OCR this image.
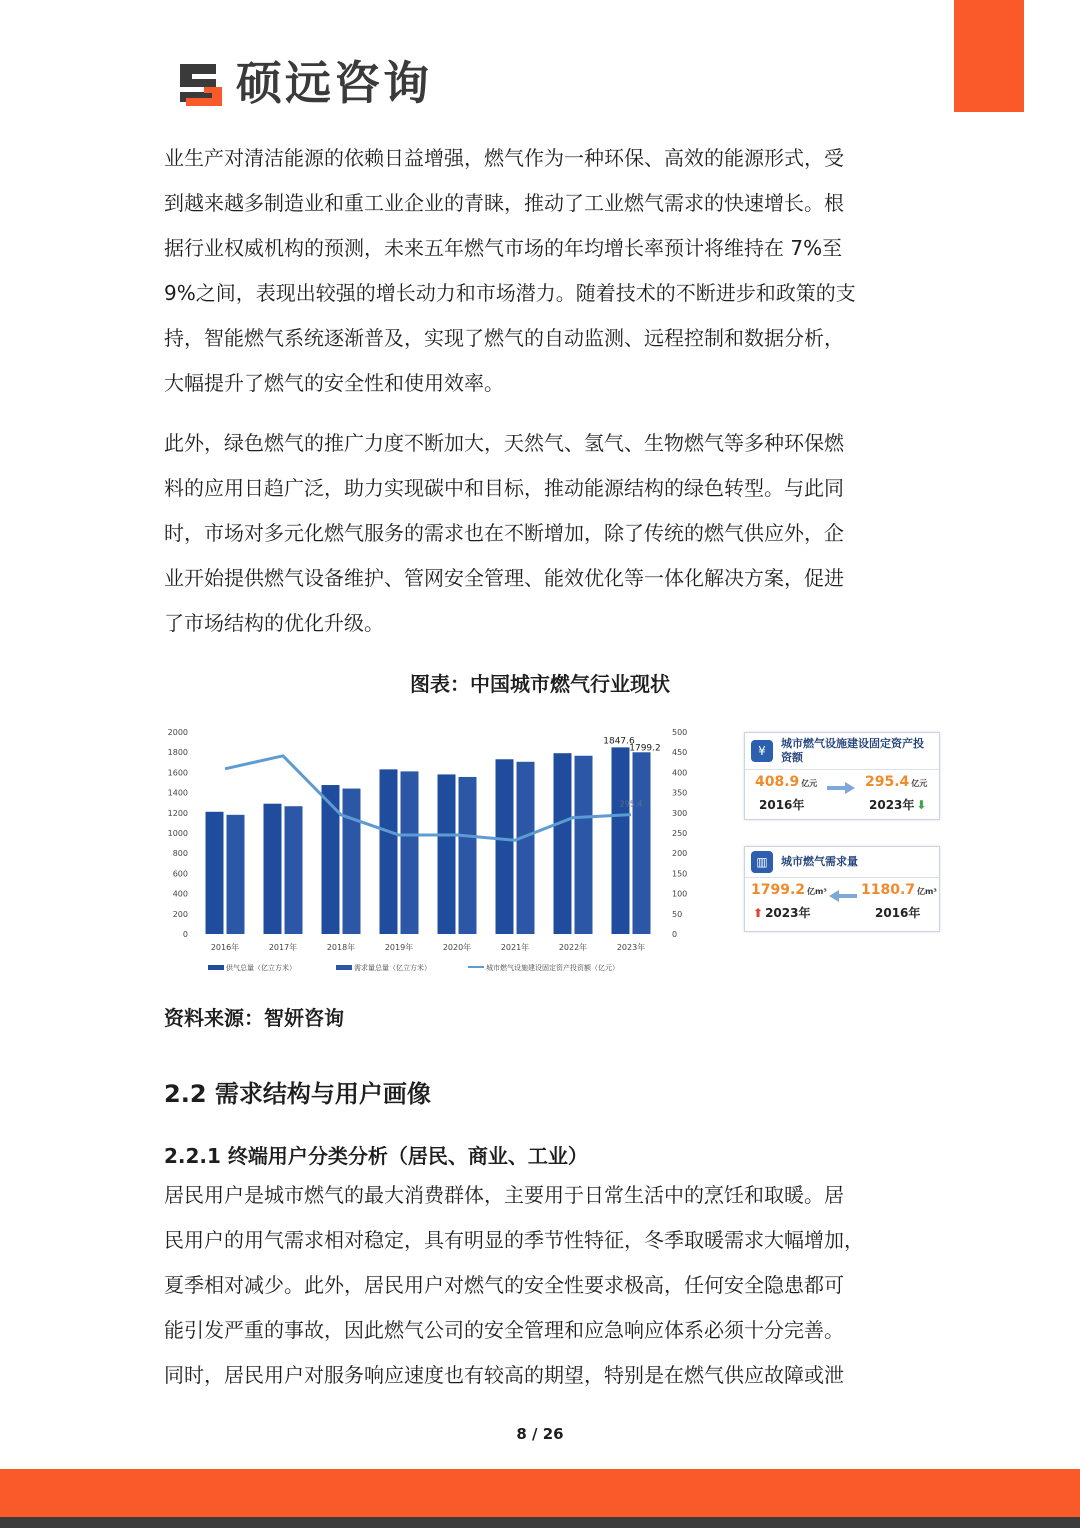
硕远咨询
业生产对清洁能源的依赖日益增强，燃气作为一种环保、高效的能源形式，受
到越来越多制造业和重工业企业的青睐，推动了工业燃气需求的快速增长。根
据行业权威机构的预测，未来五年燃气市场的年均增长率预计将维持在 7%至
9%之间，表现出较强的增长动力和市场潜力。随着技术的不断进步和政策的支
持，智能燃气系统逐渐普及，实现了燃气的自动监测、远程控制和数据分析，
大幅提升了燃气的安全性和使用效率。
此外，绿色燃气的推广力度不断加大，天然气、氢气、生物燃气等多种环保燃
料的应用日趋广泛，助力实现碳中和目标，推动能源结构的绿色转型。与此同
时，市场对多元化燃气服务的需求也在不断增加，除了传统的燃气供应外，企
业开始提供燃气设备维护、管网安全管理、能效优化等一体化解决方案，促进
了市场结构的优化升级。
图表：中国城市燃气行业现状
0
200
400
600
800
1000
1200
1400
1600
1800
2000
0
50
100
150
200
250
300
350
400
450
500
2016年	2017年	2018年	2019年	2020年	2021年	2022年	2023年
1847.6
1799.2
295.4
供气总量（亿立方米）	需求量总量（亿立方米）	城市燃气设施建设固定资产投资额（亿元）
¥
城市燃气设施建设固定资产投资额
408.9 亿元
2016年
295.4 亿元
2023年 ⬇
▥	城市燃气需求量
1799.2 亿m³
⬆ 2023年
1180.7 亿m³
2016年
资料来源：智妍咨询
2.2 需求结构与用户画像
2.2.1 终端用户分类分析（居民、商业、工业）
居民用户是城市燃气的最大消费群体，主要用于日常生活中的烹饪和取暖。居
民用户的用气需求相对稳定，具有明显的季节性特征，冬季取暖需求大幅增加，
夏季相对减少。此外，居民用户对燃气的安全性要求极高，任何安全隐患都可
能引发严重的事故，因此燃气公司的安全管理和应急响应体系必须十分完善。
同时，居民用户对服务响应速度也有较高的期望，特别是在燃气供应故障或泄
8 / 26
